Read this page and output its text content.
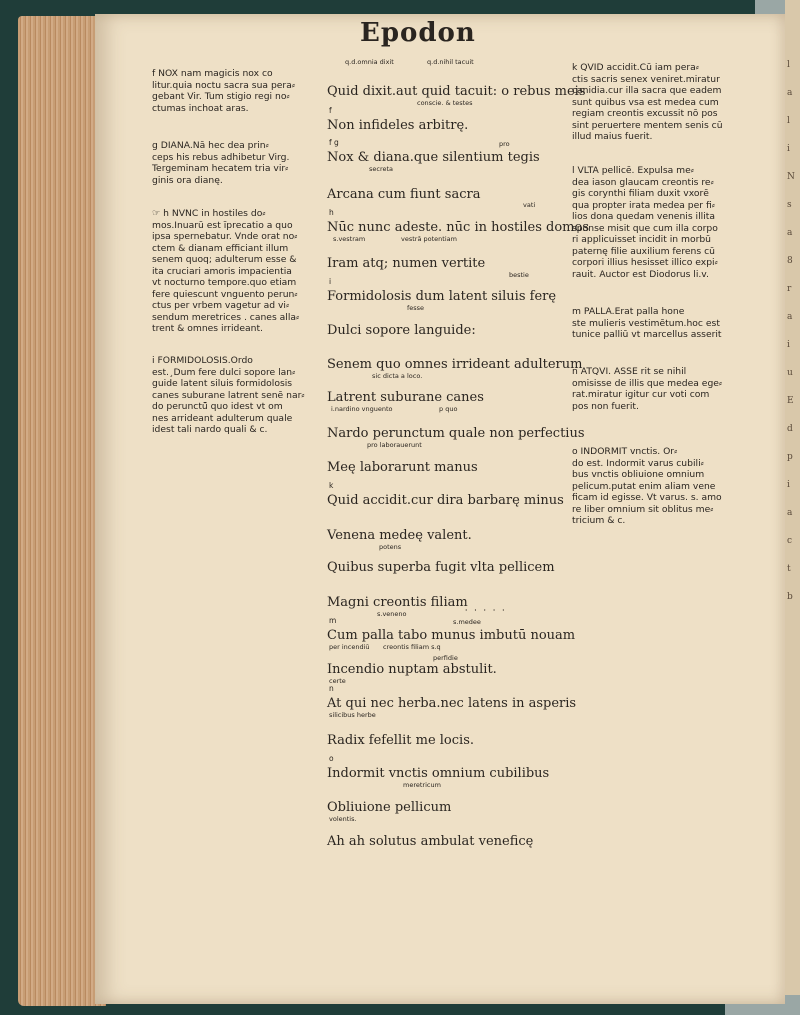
l
a
l
i
N
s
a
8
r
a
i
u
E
d
p
i
a
c
t
b
Epodon
f NOX nam magicis nox co
litur.quia noctu sacra sua pera⸗
gebant Vir. Tum stigio regi no⸗
ctumas inchoat aras.
g DIANA.Nā hec dea prin⸗
ceps his rebus adhibetur Virg.
Tergeminam hecatem tria vir⸗
ginis ora dianę.
☞ h NVNC in hostiles do⸗
mos.Inuarū est īprecatio a quo
ipsa spernebatur. Vnde orat no⸗
ctem & dianam efficiant illum
senem quoq; adulterum esse &
ita cruciari amoris impacientia
vt nocturno tempore.quo etiam
fere quiescunt vnguento perun⸗
ctus per vrbem vagetur ad vi⸗
sendum meretrices . canes alla⸗
trent & omnes irrideant.
i FORMIDOLOSIS.Ordo
est.¸Dum fere dulci sopore lan⸗
guide latent siluis formidolosis
canes suburane latrent senē nar⸗
do perunctū̄ quo idest vt om
nes arrideant adulterum quale
idest tali nardo quali & c.
k QVID accidit.Cū iam pera⸗
ctis sacris senex veniret.miratur
canidia.cur illa sacra que eadem
sunt quibus vsa est medea cum
regiam creontis excussit nō pos
sint peruertere mentem senis cū
illud maius fuerit.
l VLTA pellicē. Expulsa me⸗
dea iason glaucam creontis re⸗
gis corynthi filiam duxit vxorē
qua propter irata medea per fi⸗
lios dona quedam venenis illita
sponse misit que cum illa corpo
ri applicuisset incidit in morbū
paternę filie auxilium ferens cū
corpori illius hesisset illico expi⸗
rauit. Auctor est Diodorus li.v.
m PALLA.Erat palla hone
ste mulieris vestimētum.hoc est
tunice palliū vt marcellus asserit
n ATQVI. ASSE rit se nihil
omisisse de illis que medea ege⸗
rat.miratur igitur cur voti com
pos non fuerit.
o INDORMIT vnctis. Or⸗
do est. Indormit varus cubili⸗
bus vnctis obliuione omnium
pelicum.putat enim aliam vene
ficam id egisse. Vt varus. s. amo
re liber omnium sit oblitus me⸗
tricium & c.
Quid dixit.aut quid tacuit: o rebus meis
q.d.omnia dixit	q.d.nihil tacuit
conscie. & testes
Non infideles arbitrę.
f
Nox & diana.que silentium tegis
f g
secreta
pro
Arcana cum fiunt sacra
vati
Nūc nunc adeste. nūc in hostiles domos
h
s.vestram	vestrā potentiam
Iram atq; numen vertite
bestie
Formidolosis dum latent siluis ferę
i
fesse
Dulci sopore languide:
Senem quo omnes irrideant adulterum
sic dicta a loco.
Latrent suburane canes
i.nardino vnguento	p quo
Nardo perunctum quale non perfectius
pro laborauerunt
Meę laborarunt manus
Quid accidit.cur dira barbarę minus
k
Venena medeę valent.
potens
Quibus superba fugit vlta pellicem
Magni creontis filiam
s.veneno
Cum palla tabo munus imbutū nouam
m
per incendiū creontis filiam s.q
perfidie
s.medee
Incendio nuptam abstulit.
certe
At qui nec herba.nec latens in asperis
n
silicibus herbe
Radix fefellit me locis.
Indormit vnctis omnium cubilibus
o
meretricum
Obliuione pellicum
volentis.
Ah ah solutus ambulat veneficę
⸱ ⸱ ⸱ ⸱ ⸱
